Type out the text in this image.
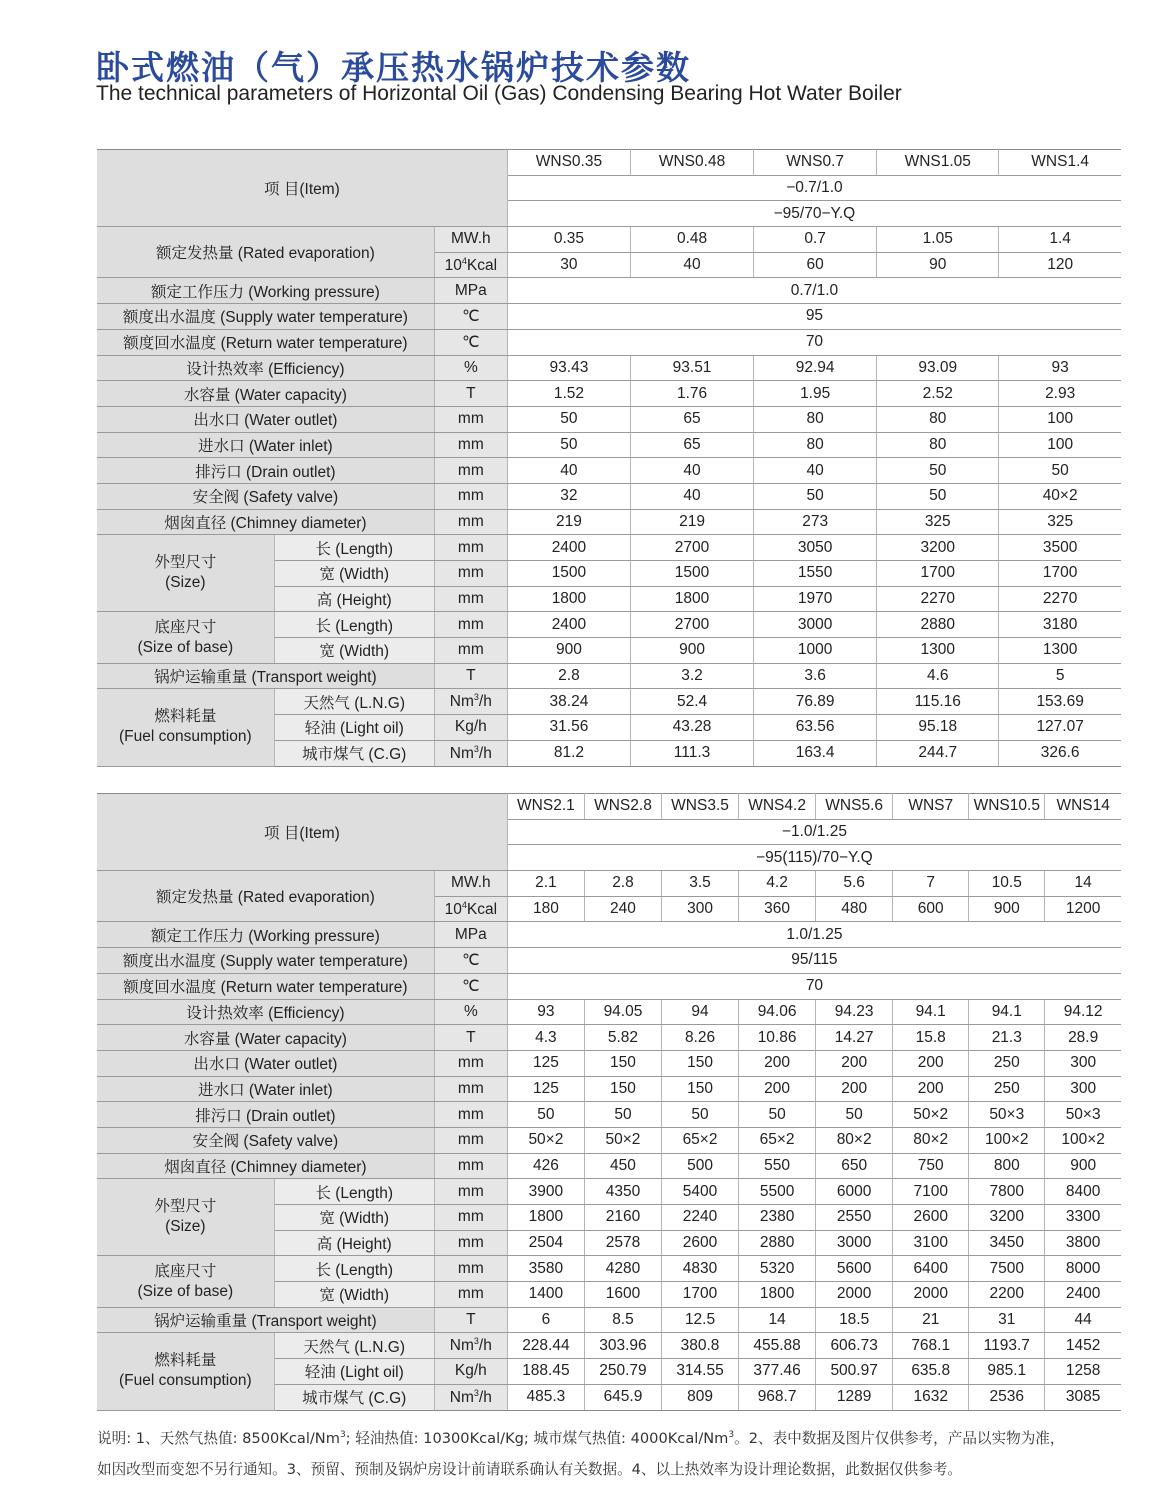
卧式燃油（气）承压热水锅炉技术参数
The technical parameters of Horizontal Oil (Gas) Condensing Bearing Hot Water Boiler
项 目(Item)			WNS0.35	WNS0.48	WNS0.7	WNS1.05	WNS1.4
			−0.7/1.0				
			−95/70−Y.Q				
额定发热量 (Rated evaporation)		MW.h	0.35	0.48	0.7	1.05	1.4
		$10^4Kcal$	30	40	60	90	120
额定工作压力 (Working pressure)		MPa	0.7/1.0				
额度出水温度 (Supply water temperature)		℃	95				
额度回水温度 (Return water temperature)		℃	70				
设计热效率 (Efficiency)		%	93.43	93.51	92.94	93.09	93
水容量 (Water capacity)		T	1.52	1.76	1.95	2.52	2.93
出水口 (Water outlet)		mm	50	65	80	80	100
进水口 (Water inlet)		mm	50	65	80	80	100
排污口 (Drain outlet)		mm	40	40	40	50	50
安全阀 (Safety valve)		mm	32	40	50	50	40×2
烟囱直径 (Chimney diameter)		mm	219	219	273	325	325

外型尺寸
(Size)	长 (Length)	mm	2400	2700	3050	3200	3500
	宽 (Width)	mm	1500	1500	1550	1700	1700
	高 (Height)	mm	1800	1800	1970	2270	2270

底座尺寸
(Size of base)	长 (Length)	mm	2400	2700	3000	2880	3180
	宽 (Width)	mm	900	900	1000	1300	1300
锅炉运输重量 (Transport weight)		T	2.8	3.2	3.6	4.6	5

燃料耗量
(Fuel consumption)	天然气 (L.N.G)	Nm$^3$/h	38.24	52.4	76.89	115.16	153.69
	轻油 (Light oil)	Kg/h	31.56	43.28	63.56	95.18	127.07
	城市煤气 (C.G)	Nm$^3$/h	81.2	111.3	163.4	244.7	326.6
项 目(Item)			WNS2.1	WNS2.8	WNS3.5	WNS4.2	WNS5.6	WNS7	WNS10.5	WNS14
			−1.0/1.25							
			−95(115)/70−Y.Q							
额定发热量 (Rated evaporation)		MW.h	2.1	2.8	3.5	4.2	5.6	7	10.5	14
		$10^4Kcal$	180	240	300	360	480	600	900	1200
额定工作压力 (Working pressure)		MPa	1.0/1.25							
额度出水温度 (Supply water temperature)		℃	95/115							
额度回水温度 (Return water temperature)		℃	70							
设计热效率 (Efficiency)		%	93	94.05	94	94.06	94.23	94.1	94.1	94.12
水容量 (Water capacity)		T	4.3	5.82	8.26	10.86	14.27	15.8	21.3	28.9
出水口 (Water outlet)		mm	125	150	150	200	200	200	250	300
进水口 (Water inlet)		mm	125	150	150	200	200	200	250	300
排污口 (Drain outlet)		mm	50	50	50	50	50	50×2	50×3	50×3
安全阀 (Safety valve)		mm	50×2	50×2	65×2	65×2	80×2	80×2	100×2	100×2
烟囱直径 (Chimney diameter)		mm	426	450	500	550	650	750	800	900

外型尺寸
(Size)	长 (Length)	mm	3900	4350	5400	5500	6000	7100	7800	8400
	宽 (Width)	mm	1800	2160	2240	2380	2550	2600	3200	3300
	高 (Height)	mm	2504	2578	2600	2880	3000	3100	3450	3800

底座尺寸
(Size of base)	长 (Length)	mm	3580	4280	4830	5320	5600	6400	7500	8000
	宽 (Width)	mm	1400	1600	1700	1800	2000	2000	2200	2400
锅炉运输重量 (Transport weight)		T	6	8.5	12.5	14	18.5	21	31	44

燃料耗量
(Fuel consumption)	天然气 (L.N.G)	Nm$^3$/h	228.44	303.96	380.8	455.88	606.73	768.1	1193.7	1452
	轻油 (Light oil)	Kg/h	188.45	250.79	314.55	377.46	500.97	635.8	985.1	1258
	城市煤气 (C.G)	Nm$^3$/h	485.3	645.9	809	968.7	1289	1632	2536	3085

说明: 1、天然气热值: 8500Kcal/Nm$^3$; 轻油热值: 10300Kcal/Kg; 城市煤气热值: 4000Kcal/Nm$^3$。2、表中数据及图片仅供参考，产品以实物为准，

如因改型而变恕不另行通知。3、预留、预制及锅炉房设计前请联系确认有关数据。4、以上热效率为设计理论数据，此数据仅供参考。
